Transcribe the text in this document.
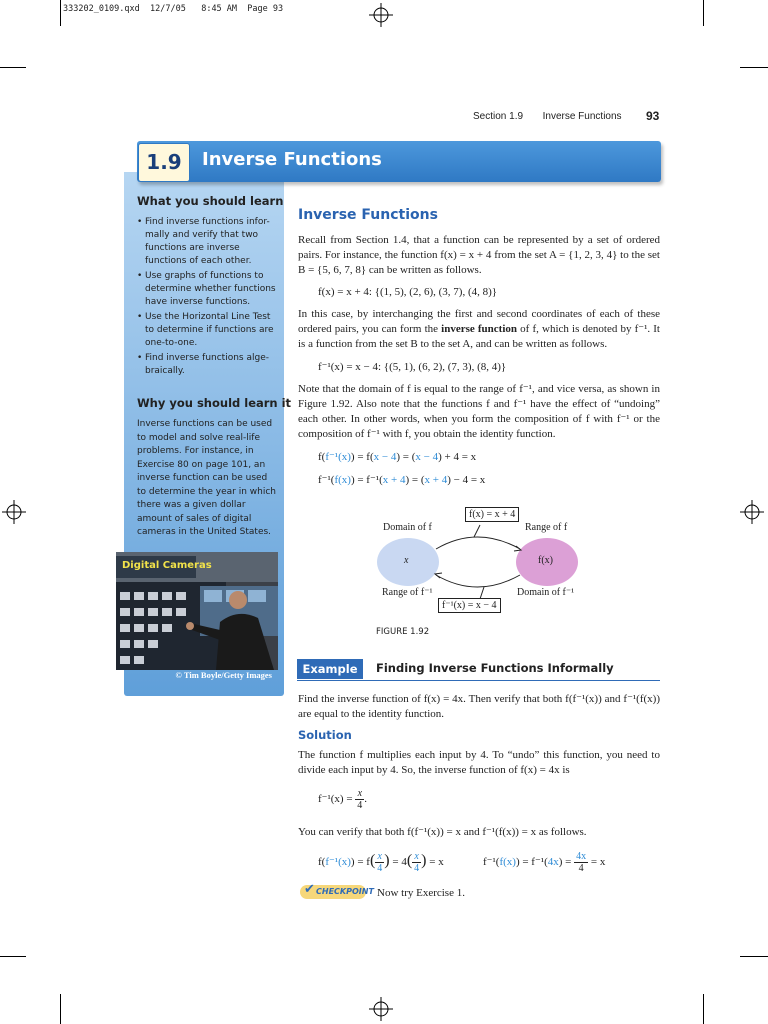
333202_0109.qxd 12/7/05 8:45 AM Page 93
Section 1.9 Inverse Functions 93
1.9	Inverse Functions
What you should learn
• Find inverse functions infor-mally and verify that two functions are inverse functions of each other.
• Use graphs of functions to determine whether functions have inverse functions.
• Use the Horizontal Line Test to determine if functions are one-to-one.
• Find inverse functions alge-braically.
Why you should learn it
Inverse functions can be used to model and solve real-life problems. For instance, in Exercise 80 on page 101, an inverse function can be used to determine the year in which there was a given dollar amount of sales of digital cameras in the United States.
Digital Cameras
© Tim Boyle/Getty Images
Inverse Functions
Recall from Section 1.4, that a function can be represented by a set of ordered pairs. For instance, the function f(x) = x + 4 from the set A = {1, 2, 3, 4} to the set B = {5, 6, 7, 8} can be written as follows.
f(x) = x + 4: {(1, 5), (2, 6), (3, 7), (4, 8)}
In this case, by interchanging the first and second coordinates of each of these ordered pairs, you can form the inverse function of f, which is denoted by f⁻¹. It is a function from the set B to the set A, and can be written as follows.
f⁻¹(x) = x − 4: {(5, 1), (6, 2), (7, 3), (8, 4)}
Note that the domain of f is equal to the range of f⁻¹, and vice versa, as shown in Figure 1.92. Also note that the functions f and f⁻¹ have the effect of “undoing” each other. In other words, when you form the composition of f with f⁻¹ or the composition of f⁻¹ with f, you obtain the identity function.
f(f⁻¹(x)) = f(x − 4) = (x − 4) + 4 = x
f⁻¹(f(x)) = f⁻¹(x + 4) = (x + 4) − 4 = x
f(x) = x + 4
f⁻¹(x) = x − 4
x	f(x)
Domain of f	Range of f
Range of f⁻¹	Domain of f⁻¹
FIGURE 1.92
Example 1
Finding Inverse Functions Informally
Find the inverse function of f(x) = 4x. Then verify that both f(f⁻¹(x)) and f⁻¹(f(x)) are equal to the identity function.
Solution
The function f multiplies each input by 4. To “undo” this function, you need to divide each input by 4. So, the inverse function of f(x) = 4x is
$f^{-1}(x) = \frac{x}{4}$ .
You can verify that both f(f⁻¹(x)) = x and f⁻¹(f(x)) = x as follows.
$f(f^{-1}(x)) = f( \frac{x}{4}$ ) = $4( \frac{x}{4}$ ) = x	$f^{-1}(f(x)) = f^{-1}(4x) = \frac{4x}{4} = x$
✔ CHECKPOINT Now try Exercise 1.
